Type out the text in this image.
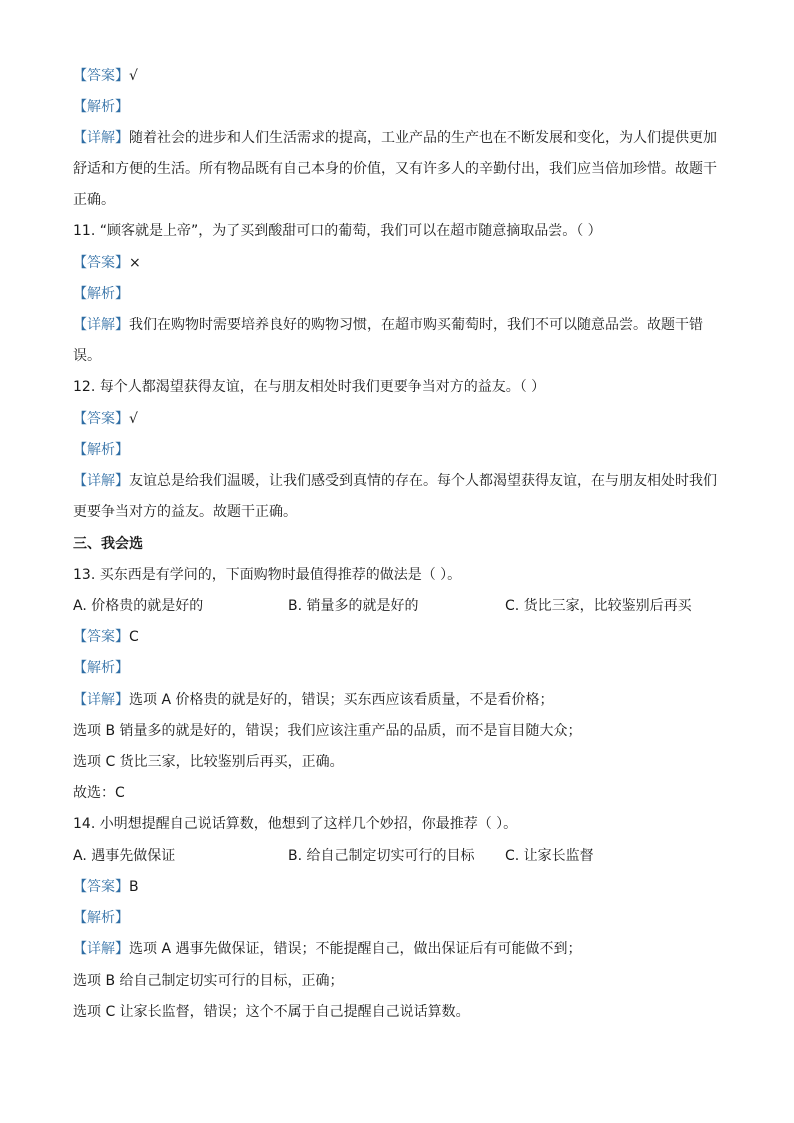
【答案】√
【解析】
【详解】随着社会的进步和人们生活需求的提高，工业产品的生产也在不断发展和变化，为人们提供更加
舒适和方便的生活。所有物品既有自己本身的价值，又有许多人的辛勤付出，我们应当倍加珍惜。故题干
正确。
11. “顾客就是上帝”，为了买到酸甜可口的葡萄，我们可以在超市随意摘取品尝。（ ）
【答案】×
【解析】
【详解】我们在购物时需要培养良好的购物习惯，在超市购买葡萄时，我们不可以随意品尝。故题干错
误。
12. 每个人都渴望获得友谊，在与朋友相处时我们更要争当对方的益友。（ ）
【答案】√
【解析】
【详解】友谊总是给我们温暖，让我们感受到真情的存在。每个人都渴望获得友谊，在与朋友相处时我们
更要争当对方的益友。故题干正确。
三、我会选
13. 买东西是有学问的，下面购物时最值得推荐的做法是（ ）。
A. 价格贵的就是好的	B. 销量多的就是好的	C. 货比三家，比较鉴别后再买
【答案】C
【解析】
【详解】选项 A 价格贵的就是好的，错误；买东西应该看质量，不是看价格；
选项 B 销量多的就是好的，错误；我们应该注重产品的品质，而不是盲目随大众；
选项 C 货比三家，比较鉴别后再买，正确。
故选：C
14. 小明想提醒自己说话算数，他想到了这样几个妙招，你最推荐（ ）。
A. 遇事先做保证	B. 给自己制定切实可行的目标 C. 让家长监督
【答案】B
【解析】
【详解】选项 A 遇事先做保证，错误；不能提醒自己，做出保证后有可能做不到；
选项 B 给自己制定切实可行的目标，正确；
选项 C 让家长监督，错误；这个不属于自己提醒自己说话算数。
